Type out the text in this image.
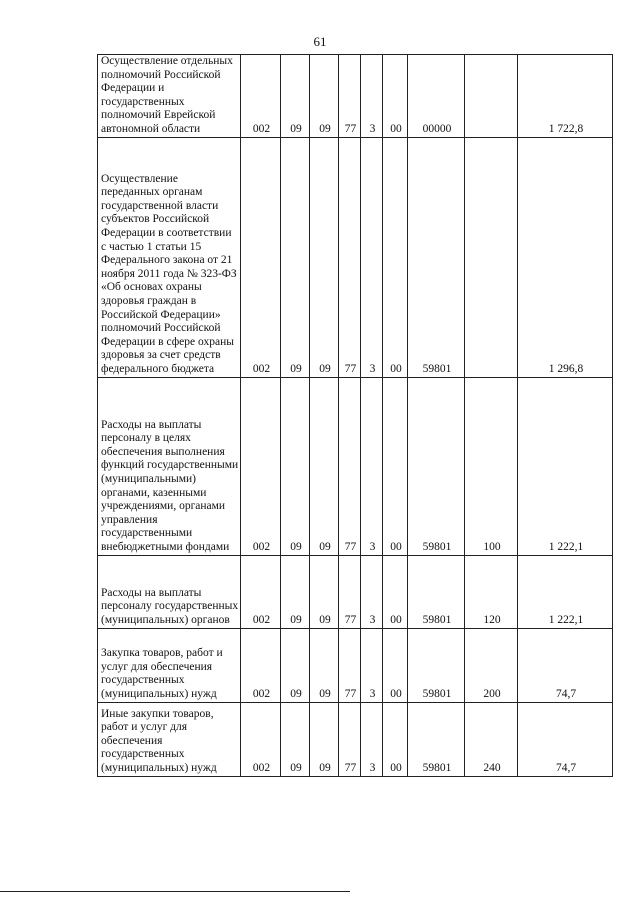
61
Осуществление отдельных полномочий Российской Федерации и государственных полномочий Еврейской автономной области	002	09	09	77	3	00	00000		1 722,8
Осуществление переданных органам государственной власти субъектов Российской Федерации в соответствии с частью 1 статьи 15 Федерального закона от 21 ноября 2011 года № 323-ФЗ «Об основах охраны здоровья граждан в Российской Федерации» полномочий Российской Федерации в сфере охраны здоровья за счет средств федерального бюджета	002	09	09	77	3	00	59801		1 296,8
Расходы на выплаты персоналу в целях обеспечения выполнения функций государственными (муниципальными) органами, казенными учреждениями, органами управления государственными внебюджетными фондами	002	09	09	77	3	00	59801	100	1 222,1
Расходы на выплаты персоналу государственных (муниципальных) органов	002	09	09	77	3	00	59801	120	1 222,1
Закупка товаров, работ и услуг для обеспечения государственных (муниципальных) нужд	002	09	09	77	3	00	59801	200	74,7
Иные закупки товаров, работ и услуг для обеспечения государственных (муниципальных) нужд	002	09	09	77	3	00	59801	240	74,7
